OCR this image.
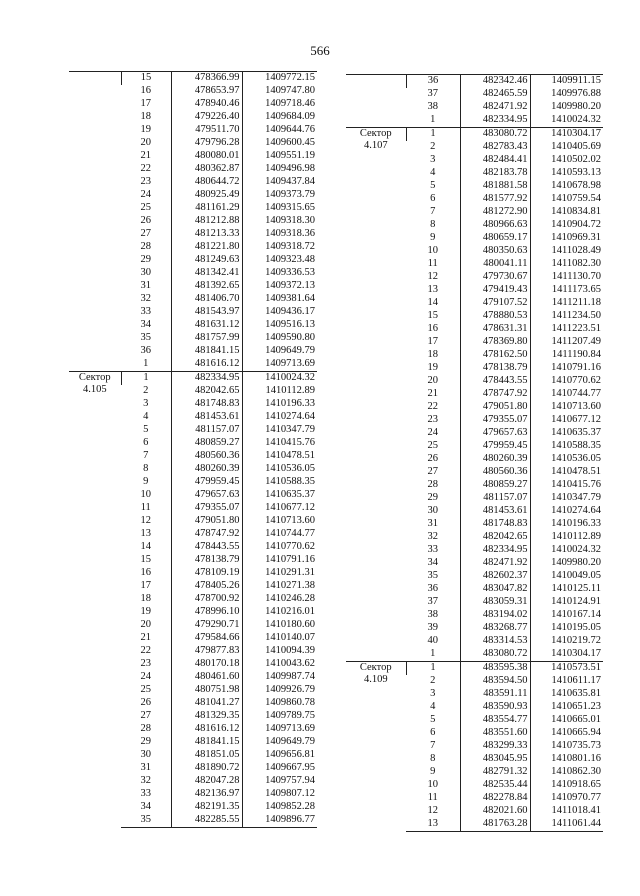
566
	15	478366.99	1409772.15
	16	478653.97	1409747.80
	17	478940.46	1409718.46
	18	479226.40	1409684.09
	19	479511.70	1409644.76
	20	479796.28	1409600.45
	21	480080.01	1409551.19
	22	480362.87	1409496.98
	23	480644.72	1409437.84
	24	480925.49	1409373.79
	25	481161.29	1409315.65
	26	481212.88	1409318.30
	27	481213.33	1409318.36
	28	481221.80	1409318.72
	29	481249.63	1409323.48
	30	481342.41	1409336.53
	31	481392.65	1409372.13
	32	481406.70	1409381.64
	33	481543.97	1409436.17
	34	481631.12	1409516.13
	35	481757.99	1409590.80
	36	481841.15	1409649.79
	1	481616.12	1409713.69
Сектор 4.105	1	482334.95	1410024.32
	2	482042.65	1410112.89
	3	481748.83	1410196.33
	4	481453.61	1410274.64
	5	481157.07	1410347.79
	6	480859.27	1410415.76
	7	480560.36	1410478.51
	8	480260.39	1410536.05
	9	479959.45	1410588.35
	10	479657.63	1410635.37
	11	479355.07	1410677.12
	12	479051.80	1410713.60
	13	478747.92	1410744.77
	14	478443.55	1410770.62
	15	478138.79	1410791.16
	16	478109.19	1410291.31
	17	478405.26	1410271.38
	18	478700.92	1410246.28
	19	478996.10	1410216.01
	20	479290.71	1410180.60
	21	479584.66	1410140.07
	22	479877.83	1410094.39
	23	480170.18	1410043.62
	24	480461.60	1409987.74
	25	480751.98	1409926.79
	26	481041.27	1409860.78
	27	481329.35	1409789.75
	28	481616.12	1409713.69
	29	481841.15	1409649.79
	30	481851.05	1409656.81
	31	481890.72	1409667.95
	32	482047.28	1409757.94
	33	482136.97	1409807.12
	34	482191.35	1409852.28
	35	482285.55	1409896.77
	36	482342.46	1409911.15
	37	482465.59	1409976.88
	38	482471.92	1409980.20
	1	482334.95	1410024.32
Сектор 4.107	1	483080.72	1410304.17
	2	482783.43	1410405.69
	3	482484.41	1410502.02
	4	482183.78	1410593.13
	5	481881.58	1410678.98
	6	481577.92	1410759.54
	7	481272.90	1410834.81
	8	480966.63	1410904.72
	9	480659.17	1410969.31
	10	480350.63	1411028.49
	11	480041.11	1411082.30
	12	479730.67	1411130.70
	13	479419.43	1411173.65
	14	479107.52	1411211.18
	15	478880.53	1411234.50
	16	478631.31	1411223.51
	17	478369.80	1411207.49
	18	478162.50	1411190.84
	19	478138.79	1410791.16
	20	478443.55	1410770.62
	21	478747.92	1410744.77
	22	479051.80	1410713.60
	23	479355.07	1410677.12
	24	479657.63	1410635.37
	25	479959.45	1410588.35
	26	480260.39	1410536.05
	27	480560.36	1410478.51
	28	480859.27	1410415.76
	29	481157.07	1410347.79
	30	481453.61	1410274.64
	31	481748.83	1410196.33
	32	482042.65	1410112.89
	33	482334.95	1410024.32
	34	482471.92	1409980.20
	35	482602.37	1410049.05
	36	483047.82	1410125.11
	37	483059.31	1410124.91
	38	483194.02	1410167.14
	39	483268.77	1410195.05
	40	483314.53	1410219.72
	1	483080.72	1410304.17
Сектор 4.109	1	483595.38	1410573.51
	2	483594.50	1410611.17
	3	483591.11	1410635.81
	4	483590.93	1410651.23
	5	483554.77	1410665.01
	6	483551.60	1410665.94
	7	483299.33	1410735.73
	8	483045.95	1410801.16
	9	482791.32	1410862.30
	10	482535.44	1410918.65
	11	482278.84	1410970.77
	12	482021.60	1411018.41
	13	481763.28	1411061.44
